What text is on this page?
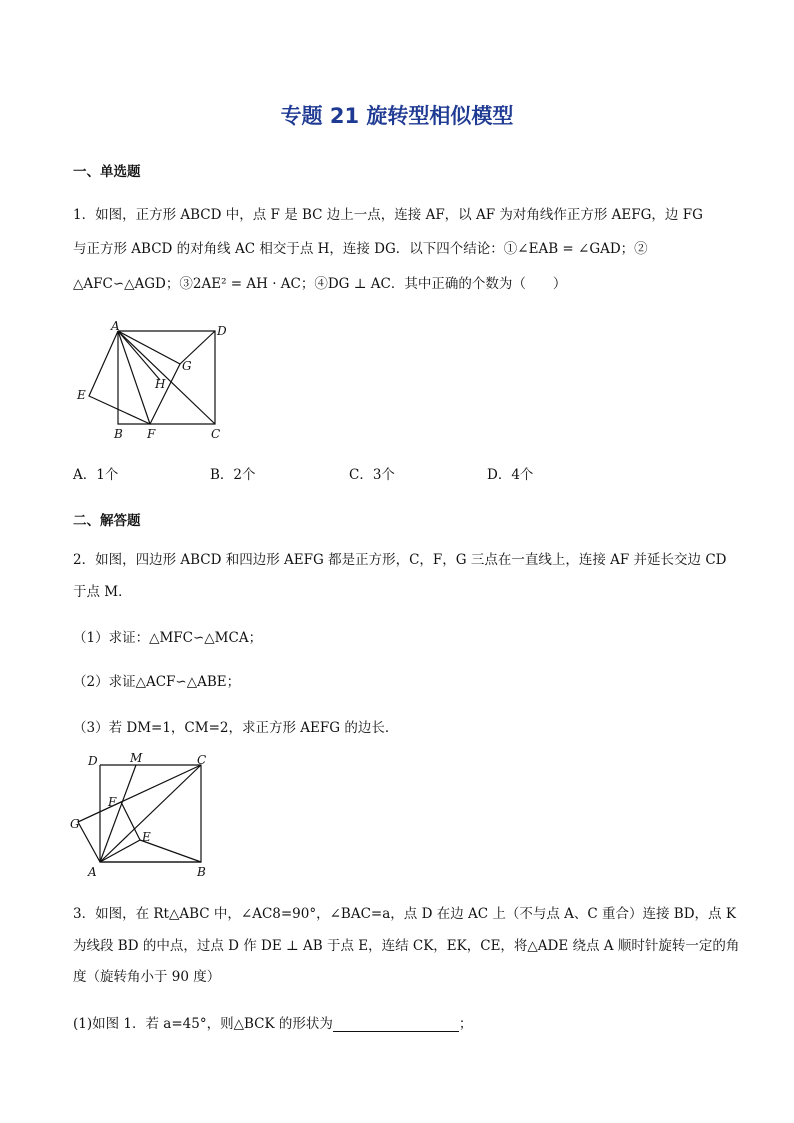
专题 21 旋转型相似模型
一、单选题
1．如图，正方形 ABCD 中，点 F 是 BC 边上一点，连接 AF，以 AF 为对角线作正方形 AEFG，边 FG
与正方形 ABCD 的对角线 AC 相交于点 H，连接 DG．以下四个结论：①∠EAB = ∠GAD；②
△AFC∽△AGD；③2AE² = AH · AC；④DG ⊥ AC．其中正确的个数为（　　）
A	D
G
H
E
B F	C
A．1个	B．2个	C．3个	D．4个
二、解答题
2．如图，四边形 ABCD 和四边形 AEFG 都是正方形，C，F，G 三点在一直线上，连接 AF 并延长交边 CD
于点 M．
（1）求证：△MFC∽△MCA；
（2）求证△ACF∽△ABE；
（3）若 DM=1，CM=2，求正方形 AEFG 的边长．
D	M	C
F
G
E
A	B
3．如图，在 Rt△ABC 中，∠AC8=90°，∠BAC=a，点 D 在边 AC 上（不与点 A、C 重合）连接 BD，点 K
为线段 BD 的中点，过点 D 作 DE ⊥ AB 于点 E，连结 CK，EK，CE，将△ADE 绕点 A 顺时针旋转一定的角
度（旋转角小于 90 度）
(1)如图 1．若 a=45°，则△BCK 的形状为	；
